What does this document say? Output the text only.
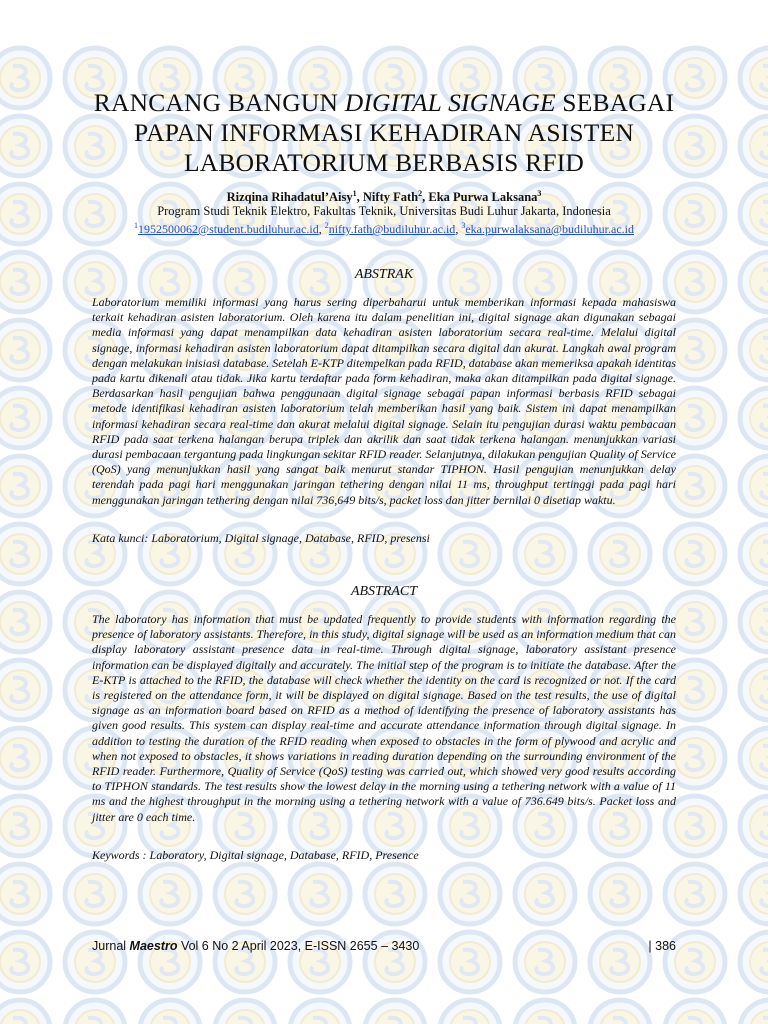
RANCANG BANGUN DIGITAL SIGNAGE SEBAGAI PAPAN INFORMASI KEHADIRAN ASISTEN LABORATORIUM BERBASIS RFID
Rizqina Rihadatul’Aisy$^1$, Nifty Fath$^2$, Eka Purwa Laksana$^3$
Program Studi Teknik Elektro, Fakultas Teknik, Universitas Budi Luhur Jakarta, Indonesia
$^1$1952500062@student.budiluhur.ac.id, $^2$nifty.fath@budiluhur.ac.id, $^3$eka.purwalaksana@budiluhur.ac.id
ABSTRAK

Laboratorium memiliki informasi yang harus sering diperbaharui untuk memberikan informasi kepada mahasiswa terkait kehadiran asisten laboratorium. Oleh karena itu dalam penelitian ini, digital signage akan digunakan sebagai media informasi yang dapat menampilkan data kehadiran asisten laboratorium secara real-time. Melalui digital signage, informasi kehadiran asisten laboratorium dapat ditampilkan secara digital dan akurat. Langkah awal program dengan melakukan inisiasi database. Setelah E-KTP ditempelkan pada RFID, database akan memeriksa apakah identitas pada kartu dikenali atau tidak. Jika kartu terdaftar pada form kehadiran, maka akan ditampilkan pada digital signage. Berdasarkan hasil pengujian bahwa penggunaan digital signage sebagai papan informasi berbasis RFID sebagai metode identifikasi kehadiran asisten laboratorium telah memberikan hasil yang baik. Sistem ini dapat menampilkan informasi kehadiran secara real-time dan akurat melalui digital signage. Selain itu pengujian durasi waktu pembacaan RFID pada saat terkena halangan berupa triplek dan akrilik dan saat tidak terkena halangan. menunjukkan variasi durasi pembacaan tergantung pada lingkungan sekitar RFID reader. Selanjutnya, dilakukan pengujian Quality of Service (QoS) yang menunjukkan hasil yang sangat baik menurut standar TIPHON. Hasil pengujian menunjukkan delay terendah pada pagi hari menggunakan jaringan tethering dengan nilai 11 ms, throughput tertinggi pada pagi hari menggunakan jaringan tethering dengan nilai 736,649 bits/s, packet loss dan jitter bernilai 0 disetiap waktu.

Kata kunci: Laboratorium, Digital signage, Database, RFID, presensi
ABSTRACT

The laboratory has information that must be updated frequently to provide students with information regarding the presence of laboratory assistants. Therefore, in this study, digital signage will be used as an information medium that can display laboratory assistant presence data in real-time. Through digital signage, laboratory assistant presence information can be displayed digitally and accurately. The initial step of the program is to initiate the database. After the E-KTP is attached to the RFID, the database will check whether the identity on the card is recognized or not. If the card is registered on the attendance form, it will be displayed on digital signage. Based on the test results, the use of digital signage as an information board based on RFID as a method of identifying the presence of laboratory assistants has given good results. This system can display real-time and accurate attendance information through digital signage. In addition to testing the duration of the RFID reading when exposed to obstacles in the form of plywood and acrylic and when not exposed to obstacles, it shows variations in reading duration depending on the surrounding environment of the RFID reader. Furthermore, Quality of Service (QoS) testing was carried out, which showed very good results according to TIPHON standards. The test results show the lowest delay in the morning using a tethering network with a value of 11 ms and the highest throughput in the morning using a tethering network with a value of 736.649 bits/s. Packet loss and jitter are 0 each time.

Keywords : Laboratory, Digital signage, Database, RFID, Presence
Jurnal Maestro Vol 6 No 2 April 2023, E-ISSN 2655 – 3430	| 386
